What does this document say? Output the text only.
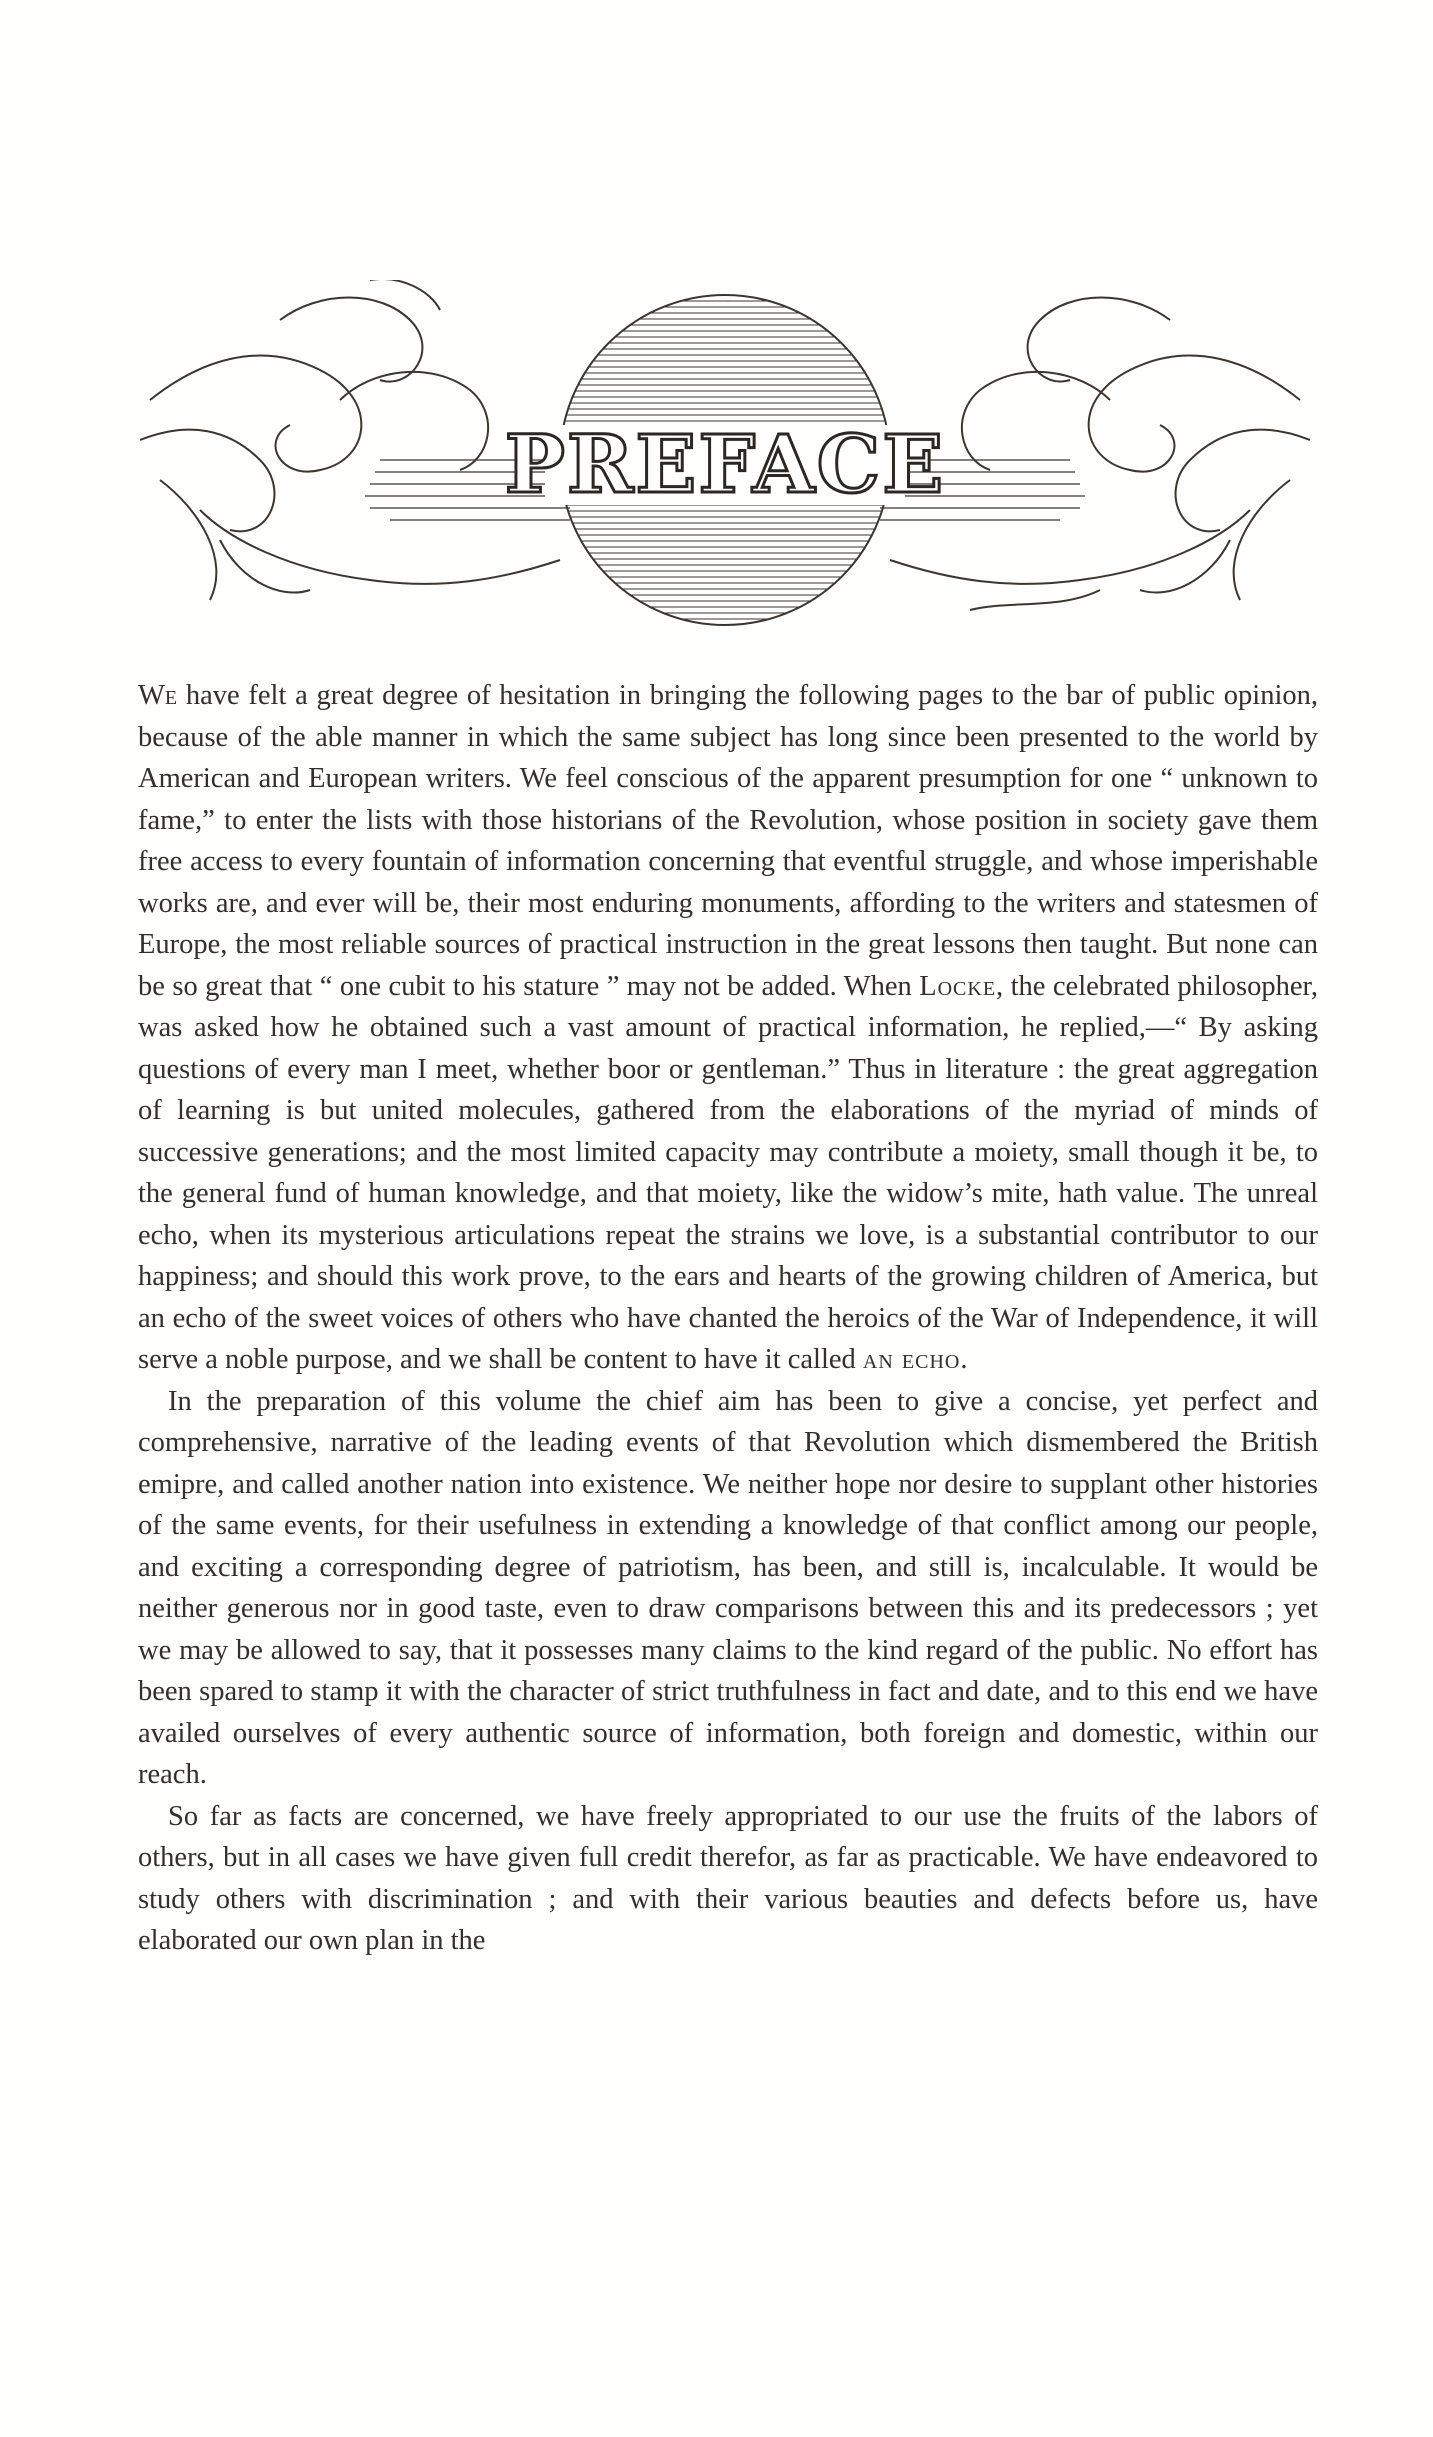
PREFACE

We have felt a great degree of hesitation in bringing the following pages to the bar of public opinion, because of the able manner in which the same subject has long since been presented to the world by American and European writers. We feel conscious of the apparent presumption for one “ unknown to fame,” to enter the lists with those historians of the Revolution, whose position in society gave them free access to every fountain of information concerning that eventful struggle, and whose imperishable works are, and ever will be, their most enduring monuments, affording to the writers and statesmen of Europe, the most reliable sources of practical instruction in the great lessons then taught. But none can be so great that “ one cubit to his stature ” may not be added. When Locke, the celebrated philosopher, was asked how he obtained such a vast amount of practical information, he replied,—“ By asking questions of every man I meet, whether boor or gentleman.” Thus in literature : the great aggregation of learning is but united molecules, gathered from the elaborations of the myriad of minds of successive generations; and the most limited capacity may contribute a moiety, small though it be, to the general fund of human knowledge, and that moiety, like the widow’s mite, hath value. The unreal echo, when its mysterious articulations repeat the strains we love, is a substantial contributor to our happiness; and should this work prove, to the ears and hearts of the growing children of America, but an echo of the sweet voices of others who have chanted the heroics of the War of Independence, it will serve a noble purpose, and we shall be content to have it called an echo.

In the preparation of this volume the chief aim has been to give a concise, yet perfect and comprehensive, narrative of the leading events of that Revolution which dismembered the British emipre, and called another nation into existence. We neither hope nor desire to supplant other histories of the same events, for their usefulness in extending a knowledge of that conflict among our people, and exciting a corresponding degree of patriotism, has been, and still is, incalculable. It would be neither generous nor in good taste, even to draw comparisons between this and its predecessors ; yet we may be allowed to say, that it possesses many claims to the kind regard of the public. No effort has been spared to stamp it with the character of strict truthfulness in fact and date, and to this end we have availed ourselves of every authentic source of information, both foreign and domestic, within our reach.

So far as facts are concerned, we have freely appropriated to our use the fruits of the labors of others, but in all cases we have given full credit therefor, as far as practicable. We have endeavored to study others with discrimination ; and with their various beauties and defects before us, have elaborated our own plan in the
